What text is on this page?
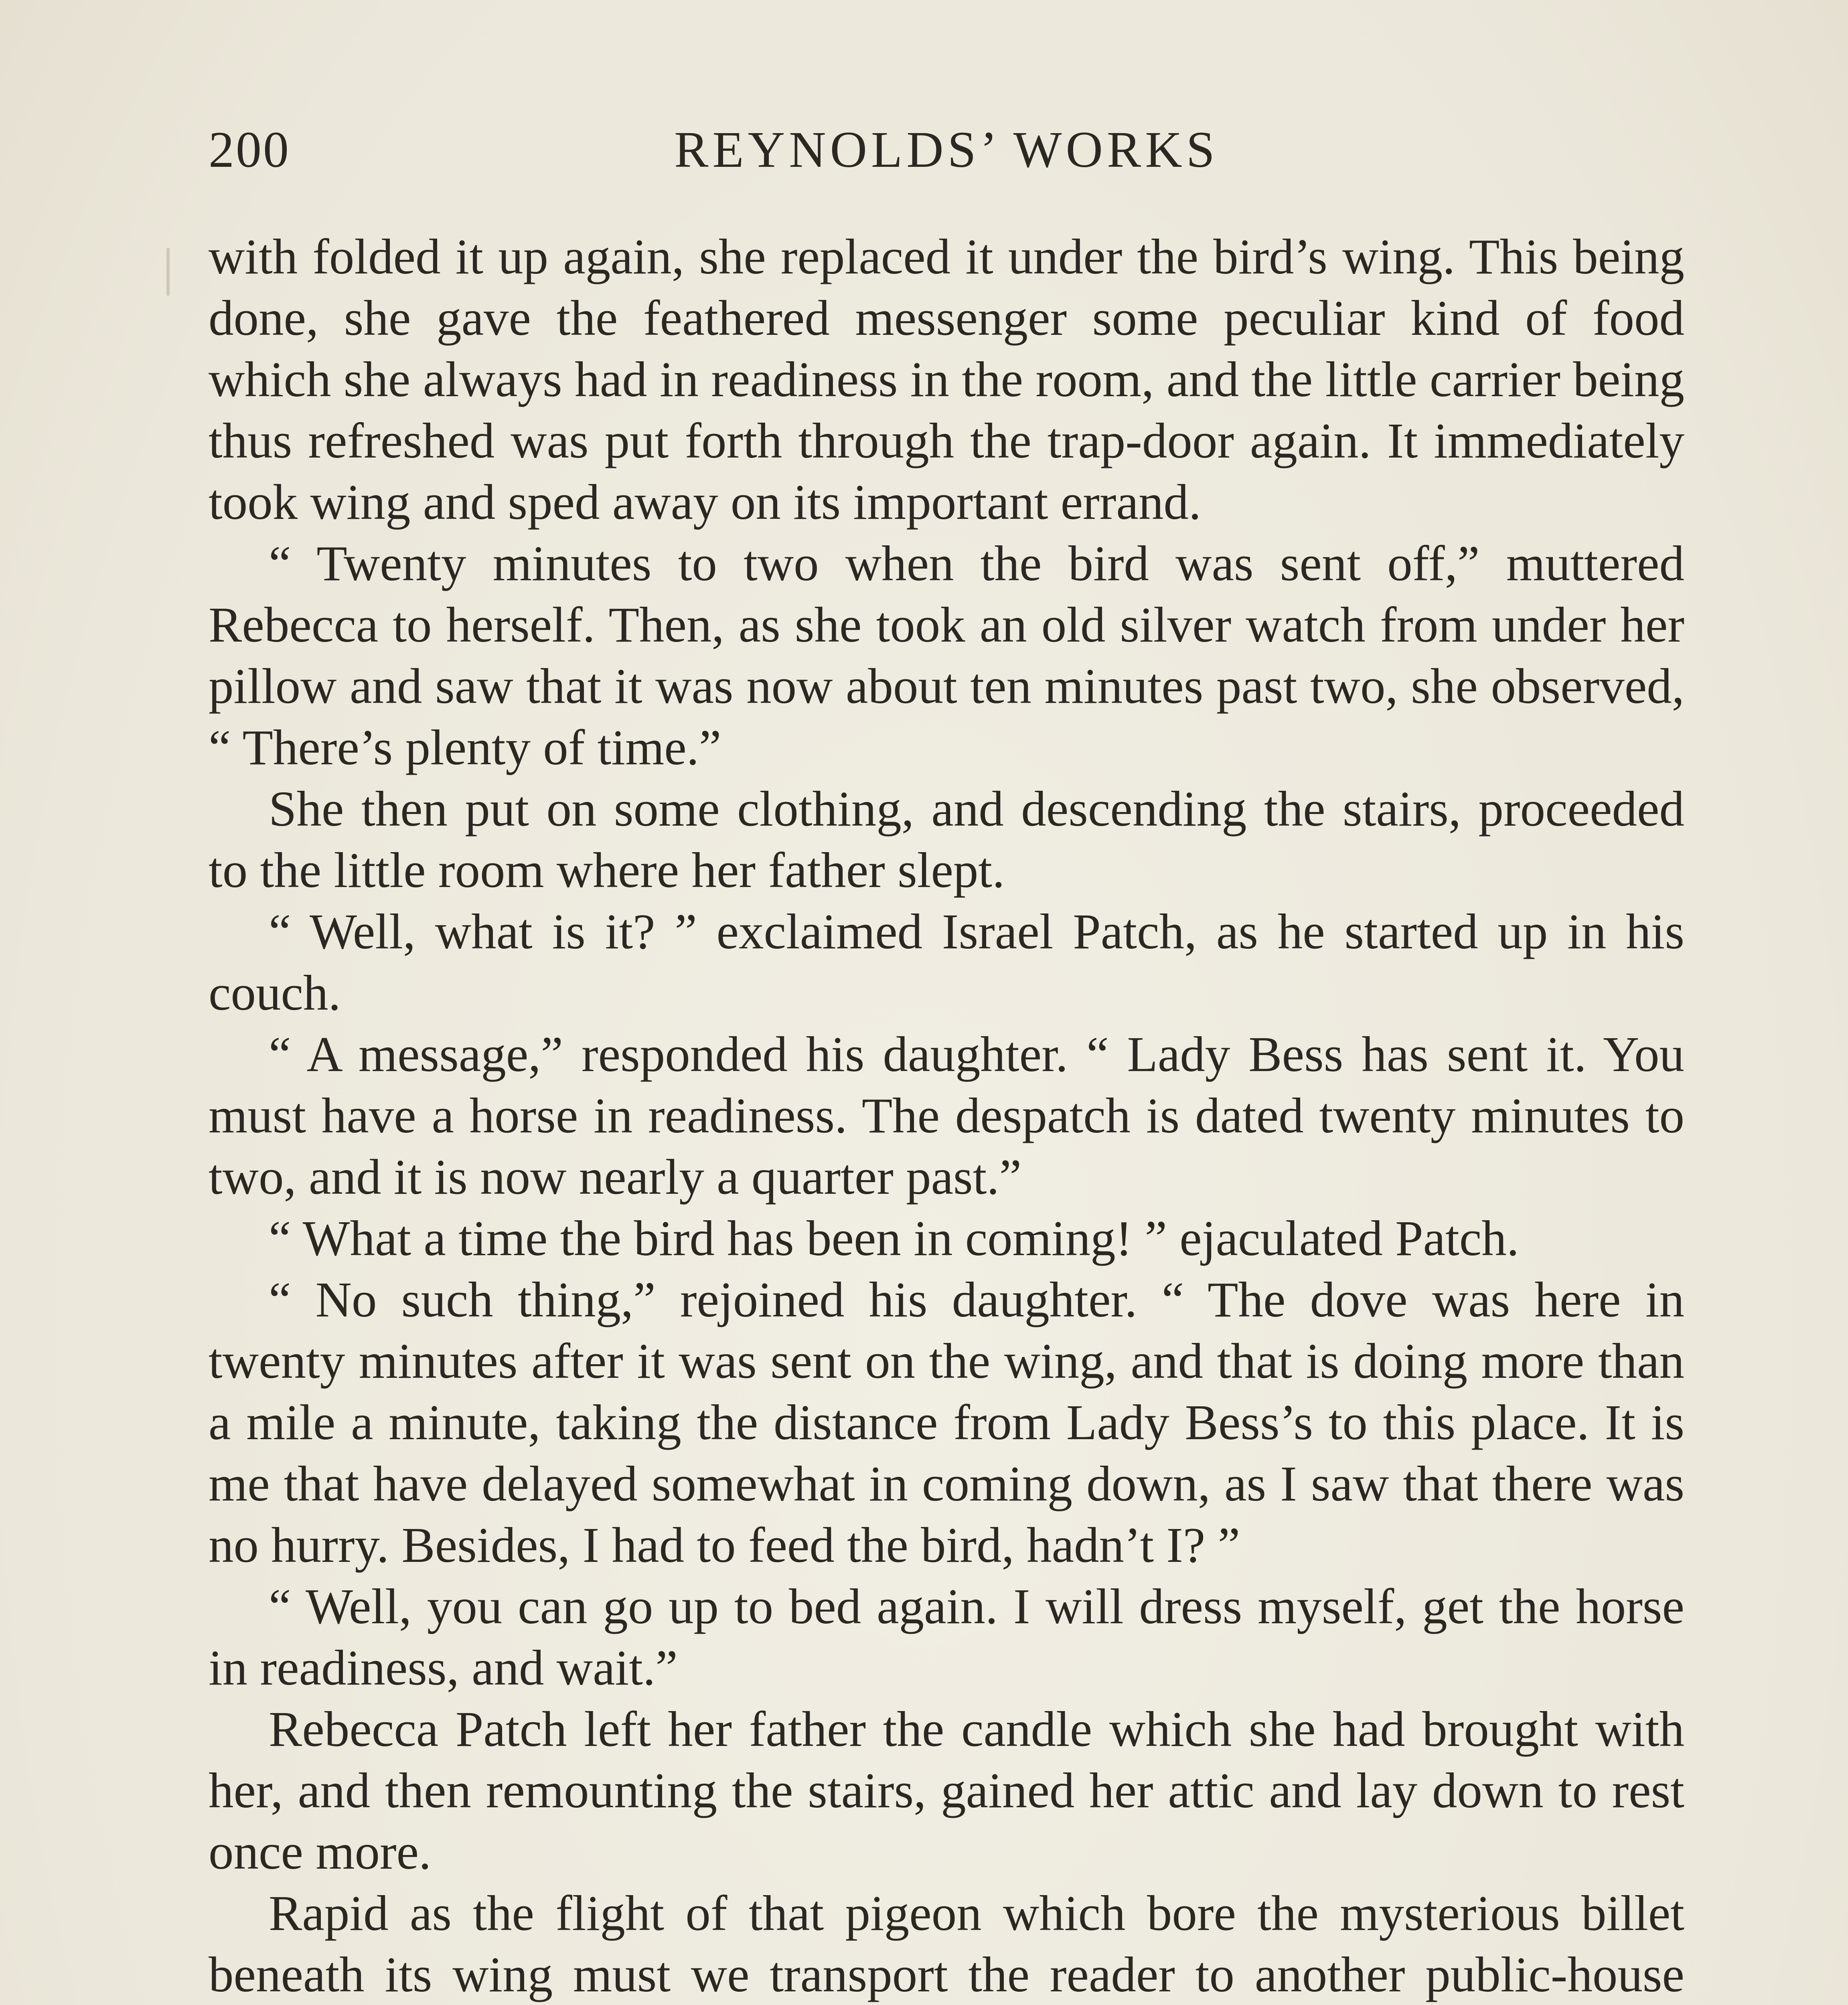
200	REYNOLDS’ WORKS

with folded it up again, she replaced it under the bird’s wing. This being done, she gave the feathered messenger some peculiar kind of food which she always had in readiness in the room, and the little carrier being thus refreshed was put forth through the trap-door again. It immediately took wing and sped away on its important errand.

“ Twenty minutes to two when the bird was sent off,” muttered Rebecca to herself. Then, as she took an old silver watch from under her pillow and saw that it was now about ten minutes past two, she observed, “ There’s plenty of time.”

She then put on some clothing, and descending the stairs, proceeded to the little room where her father slept.

“ Well, what is it? ” exclaimed Israel Patch, as he started up in his couch.

“ A message,” responded his daughter. “ Lady Bess has sent it. You must have a horse in readiness. The despatch is dated twenty minutes to two, and it is now nearly a quarter past.”

“ What a time the bird has been in coming! ” ejaculated Patch.

“ No such thing,” rejoined his daughter. “ The dove was here in twenty minutes after it was sent on the wing, and that is doing more than a mile a minute, taking the distance from Lady Bess’s to this place. It is me that have delayed somewhat in coming down, as I saw that there was no hurry. Besides, I had to feed the bird, hadn’t I? ”

“ Well, you can go up to bed again. I will dress myself, get the horse in readiness, and wait.”

Rebecca Patch left her father the candle which she had brought with her, and then remounting the stairs, gained her attic and lay down to rest once more.

Rapid as the flight of that pigeon which bore the mysterious billet beneath its wing must we transport the reader to another public-house
